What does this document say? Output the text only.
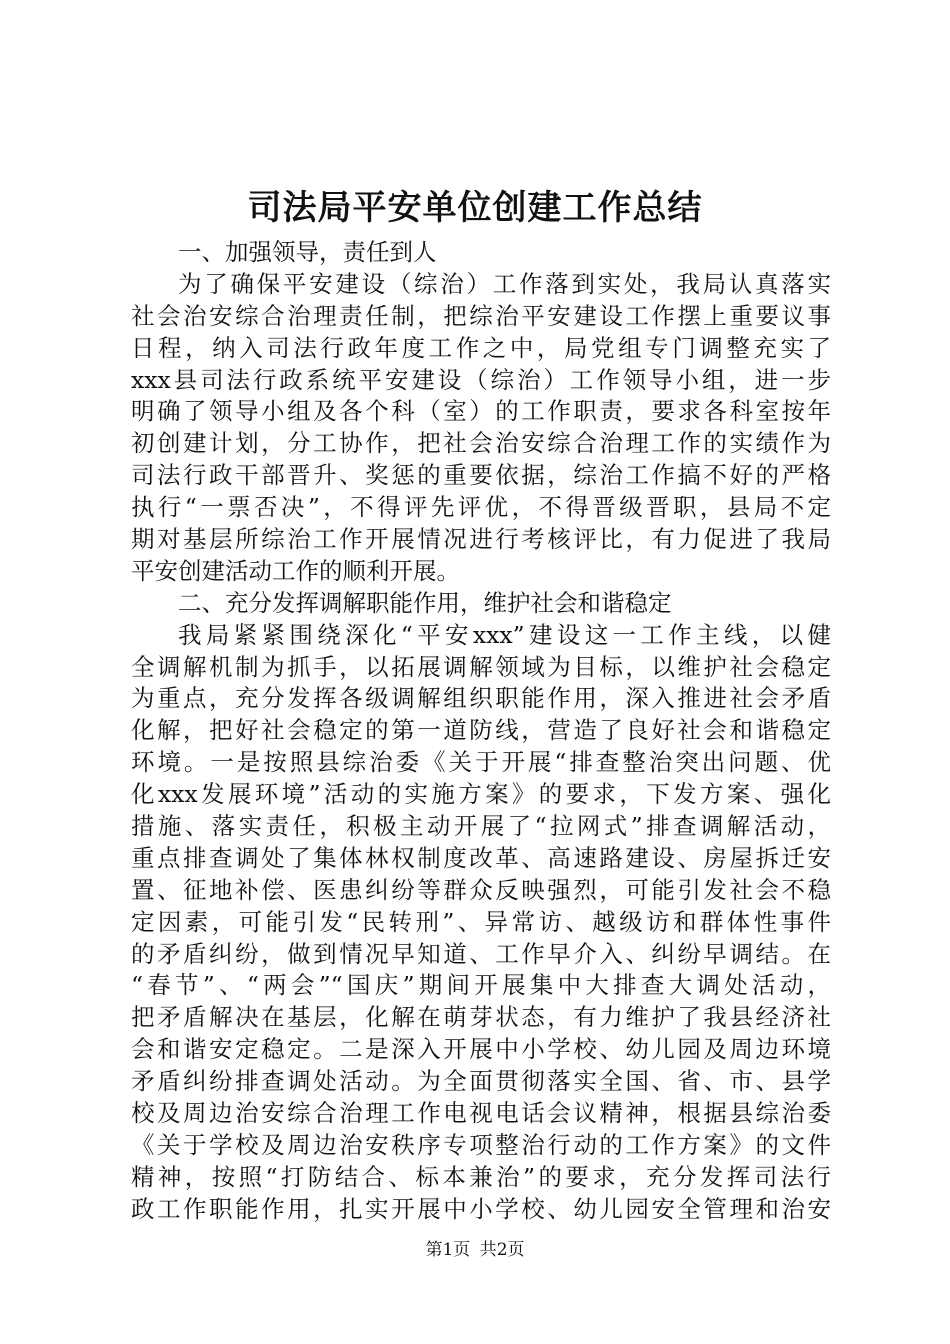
司法局平安单位创建工作总结
一、加强领导，责任到人
为了确保平安建设（综治）工作落到实处，我局认真落实
社会治安综合治理责任制，把综治平安建设工作摆上重要议事
日程，纳入司法行政年度工作之中，局党组专门调整充实了
xxx县司法行政系统平安建设（综治）工作领导小组，进一步
明确了领导小组及各个科（室）的工作职责，要求各科室按年
初创建计划，分工协作，把社会治安综合治理工作的实绩作为
司法行政干部晋升、奖惩的重要依据，综治工作搞不好的严格
执行“一票否决”，不得评先评优，不得晋级晋职，县局不定
期对基层所综治工作开展情况进行考核评比，有力促进了我局
平安创建活动工作的顺利开展。
二、充分发挥调解职能作用，维护社会和谐稳定
我局紧紧围绕深化“平安xxx”建设这一工作主线，以健
全调解机制为抓手，以拓展调解领域为目标，以维护社会稳定
为重点，充分发挥各级调解组织职能作用，深入推进社会矛盾
化解，把好社会稳定的第一道防线，营造了良好社会和谐稳定
环境。一是按照县综治委《关于开展“排查整治突出问题、优
化xxx发展环境”活动的实施方案》的要求，下发方案、强化
措施、落实责任，积极主动开展了“拉网式”排查调解活动，
重点排查调处了集体林权制度改革、高速路建设、房屋拆迁安
置、征地补偿、医患纠纷等群众反映强烈，可能引发社会不稳
定因素，可能引发“民转刑”、异常访、越级访和群体性事件
的矛盾纠纷，做到情况早知道、工作早介入、纠纷早调结。在
“春节”、“两会”“国庆”期间开展集中大排查大调处活动，
把矛盾解决在基层，化解在萌芽状态，有力维护了我县经济社
会和谐安定稳定。二是深入开展中小学校、幼儿园及周边环境
矛盾纠纷排查调处活动。为全面贯彻落实全国、省、市、县学
校及周边治安综合治理工作电视电话会议精神，根据县综治委
《关于学校及周边治安秩序专项整治行动的工作方案》的文件
精神，按照“打防结合、标本兼治”的要求，充分发挥司法行
政工作职能作用，扎实开展中小学校、幼儿园安全管理和治安
第1页 共2页
